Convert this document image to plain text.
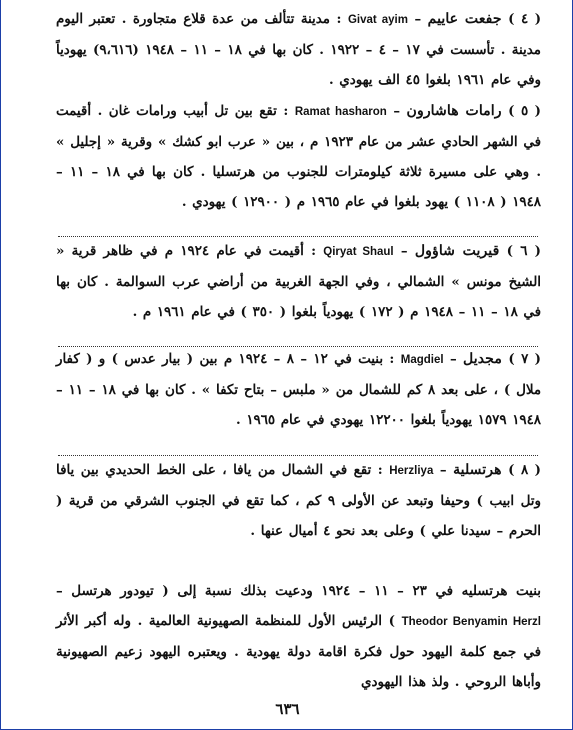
( ٤ ) جفعت عاييم – Givat ayim : مدينة تتألف من عدة قلاع متجاورة . تعتبر اليوم مدينة . تأسست في ١٧ – ٤ – ١٩٢٢ . كان بها في ١٨ – ١١ – ١٩٤٨ (٩،٦١٦) يهودياً وفي عام ١٩٦١ بلغوا ٤٥ الف يهودي .
( ٥ ) رامات هاشارون – Ramat hasharon : تقع بين تل أبيب ورامات غان . أقيمت في الشهر الحادي عشر من عام ١٩٢٣ م ، بين « عرب ابو كشك » وقرية « إجليل » . وهي على مسيرة ثلاثة كيلومترات للجنوب من هرتسليا . كان بها في ١٨ – ١١ – ١٩٤٨ ( ١١٠٨ ) يهود بلغوا في عام ١٩٦٥ م ( ١٢٩٠٠ ) يهودي .
( ٦ ) قيريت شاؤول – Qiryat Shaul : أقيمت في عام ١٩٢٤ م في ظاهر قرية « الشيخ مونس » الشمالي ، وفي الجهة الغربية من أراضي عرب السوالمة . كان بها في ١٨ – ١١ – ١٩٤٨ م ( ١٧٢ ) يهودياً بلغوا ( ٣٥٠ ) في عام ١٩٦١ م .
( ٧ ) مجديل – Magdiel : بنيت في ١٢ – ٨ – ١٩٢٤ م بين ( بيار عدس ) و ( كفار ملال ) ، على بعد ٨ كم للشمال من « ملبس – بتاح تكفا » . كان بها في ١٨ – ١١ – ١٩٤٨ ١٥٧٩ يهودياً بلغوا ١٢٢٠٠ يهودي في عام ١٩٦٥ .
( ٨ ) هرتسلية – Herzliya : تقع في الشمال من يافا ، على الخط الحديدي بين يافا وتل ابيب ) وحيفا وتبعد عن الأولى ٩ كم ، كما تقع في الجنوب الشرقي من قرية ( الحرم – سيدنا علي ) وعلى بعد نحو ٤ أميال عنها .
بنيت هرتسليه في ٢٣ – ١١ – ١٩٢٤ ودعيت بذلك نسبة إلى ( تيودور هرتسل – Theodor Benyamin Herzl ) الرئيس الأول للمنظمة الصهيونية العالمية . وله أكبر الأثر في جمع كلمة اليهود حول فكرة اقامة دولة يهودية . ويعتبره اليهود زعيم الصهيونية وأباها الروحي . ولذ هذا اليهودي
٦٣٦
